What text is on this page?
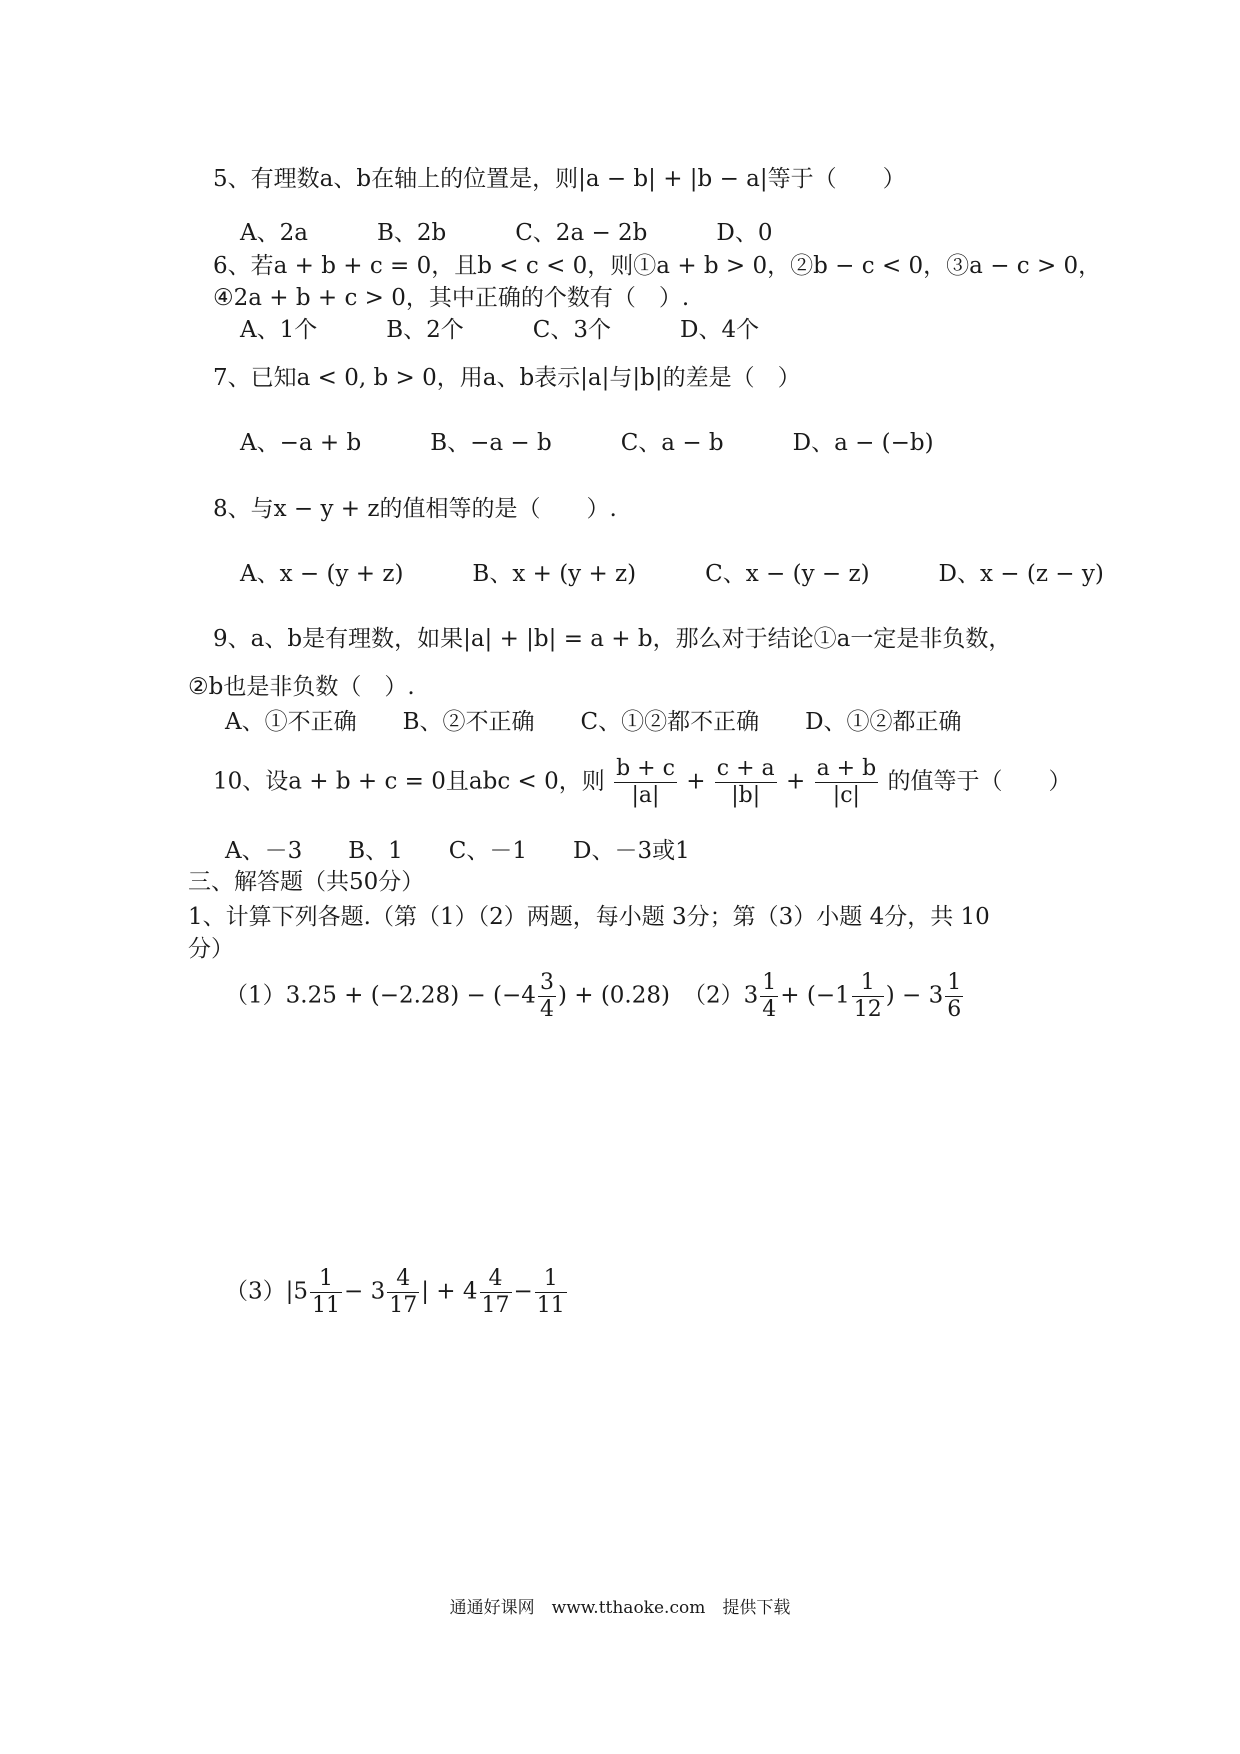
5、有理数a、b在轴上的位置是，则|a − b| + |b − a|等于（　　）
A、2a　　　B、2b　　　C、2a − 2b　　　D、0
6、若a + b + c = 0，且b < c < 0，则①a + b > 0，②b − c < 0，③a − c > 0，
④2a + b + c > 0，其中正确的个数有（　）.
A、1个　　　B、2个　　　C、3个　　　D、4个
7、已知a < 0, b > 0，用a、b表示|a|与|b|的差是（　）
A、−a + b　　　B、−a − b　　　C、a − b　　　D、a − (−b)
8、与x − y + z的值相等的是（　　）.
A、x − (y + z)　　　B、x + (y + z)　　　C、x − (y − z)　　　D、x − (z − y)
9、a、b是有理数，如果|a| + |b| = a + b，那么对于结论①a一定是非负数，
②b也是非负数（　）.
A、①不正确　　B、②不正确　　C、①②都不正确　　D、①②都正确
10、设a + b + c = 0且abc < 0，则 $\frac{b + c}{|a|} + \frac{c + a}{|b|} + \frac{a + b}{|c|}$ 的值等于（　　）
A、－3　　B、1　　C、－1　　D、－3或1
三、解答题（共50分）
1、计算下列各题.（第（1）（2）两题，每小题 3分；第（3）小题 4分，共 10
分）
$(1)3.25 + (-2.28) - (-4 \frac{3}{4}$ ) + (0.28) $(2)3 \frac{1}{4} + (-1 \frac{1}{12}$ ) − $3 \frac{1}{6}$
$(3)|5 \frac{1}{11} - 3 \frac{4}{17}$ | + $4 \frac{4}{17} - \frac{1}{11}$
通通好课网　www.tthaoke.com　提供下载
